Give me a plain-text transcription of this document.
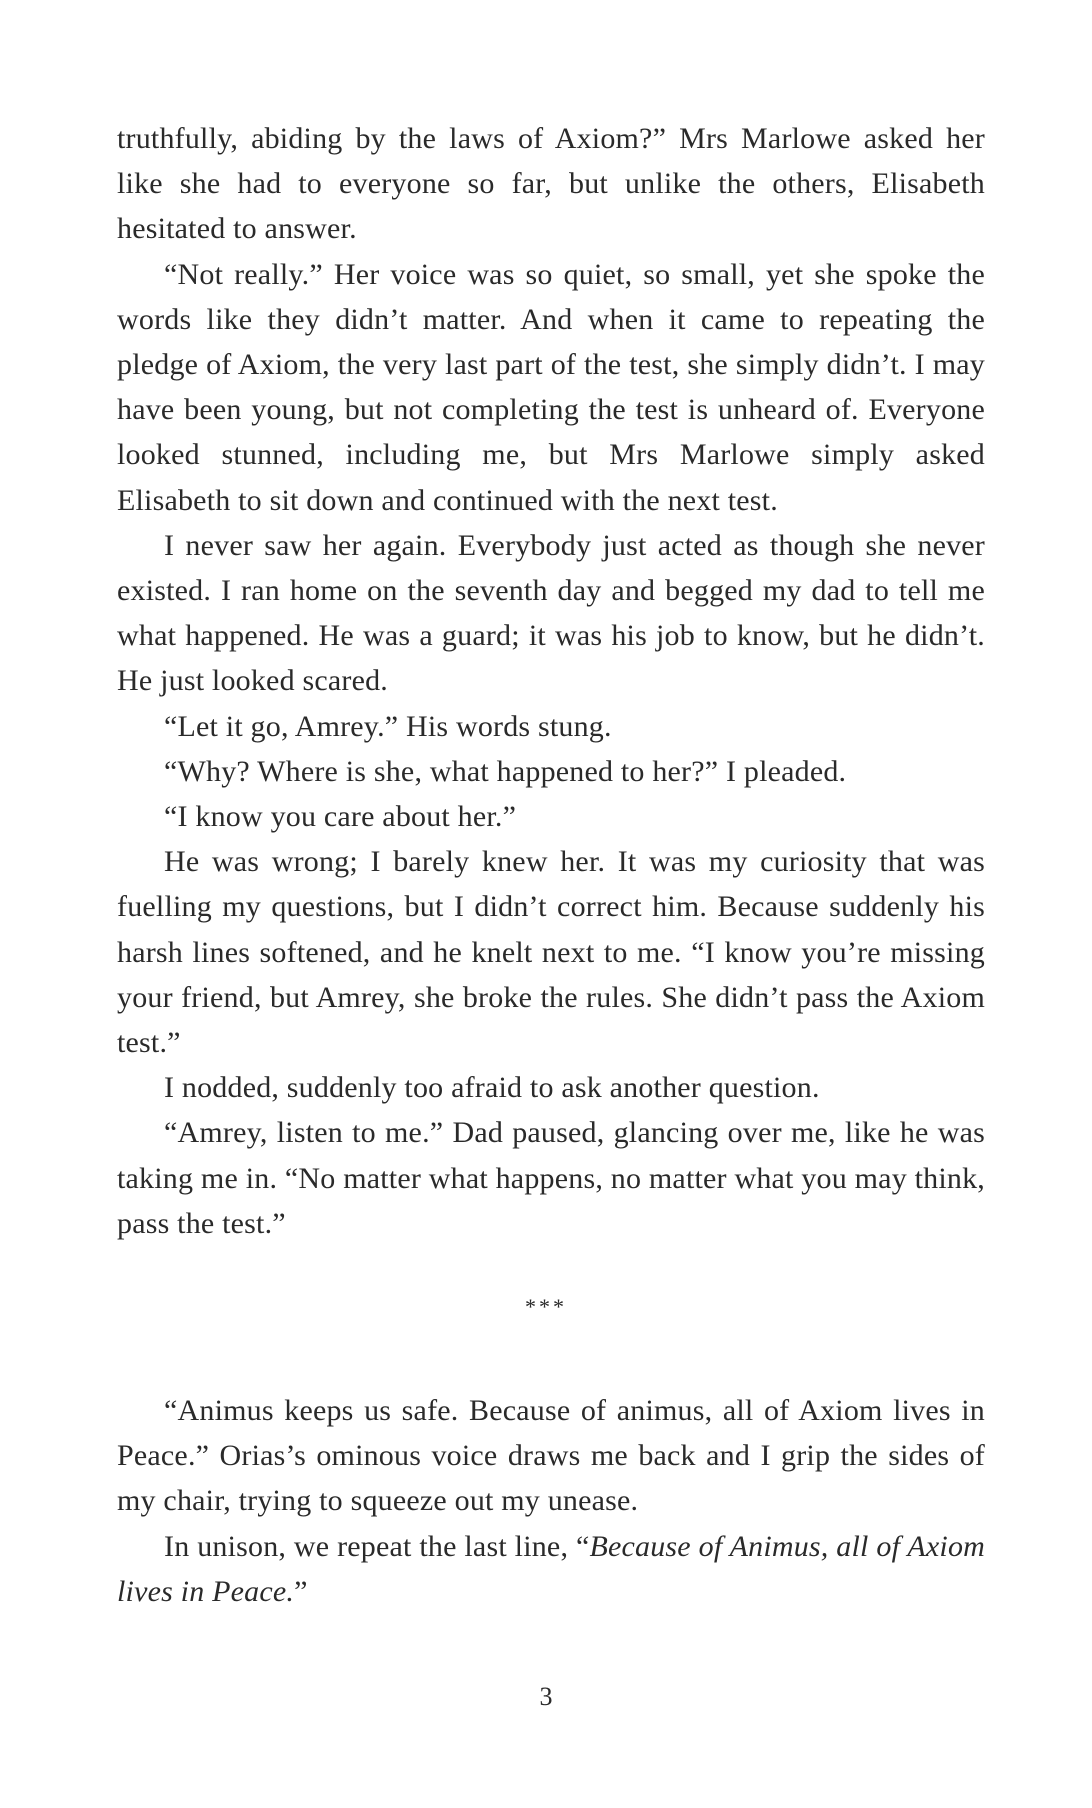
truthfully, abiding by the laws of Axiom?” Mrs Marlowe asked her like she had to everyone so far, but unlike the others, Elisabeth hesitated to answer.

“Not really.” Her voice was so quiet, so small, yet she spoke the words like they didn’t matter. And when it came to repeating the pledge of Axiom, the very last part of the test, she simply didn’t. I may have been young, but not completing the test is unheard of. Everyone looked stunned, including me, but Mrs Marlowe simply asked Elisabeth to sit down and continued with the next test.

I never saw her again. Everybody just acted as though she never existed. I ran home on the seventh day and begged my dad to tell me what happened. He was a guard; it was his job to know, but he didn’t. He just looked scared.

“Let it go, Amrey.” His words stung.

“Why? Where is she, what happened to her?” I pleaded.

“I know you care about her.”

He was wrong; I barely knew her. It was my curiosity that was fuelling my questions, but I didn’t correct him. Because suddenly his harsh lines softened, and he knelt next to me. “I know you’re missing your friend, but Amrey, she broke the rules. She didn’t pass the Axiom test.”

I nodded, suddenly too afraid to ask another question.

“Amrey, listen to me.” Dad paused, glancing over me, like he was taking me in. “No matter what happens, no matter what you may think, pass the test.”

***

“Animus keeps us safe. Because of animus, all of Axiom lives in Peace.” Orias’s ominous voice draws me back and I grip the sides of my chair, trying to squeeze out my unease.

In unison, we repeat the last line, “Because of Animus, all of Axiom lives in Peace.”

3
